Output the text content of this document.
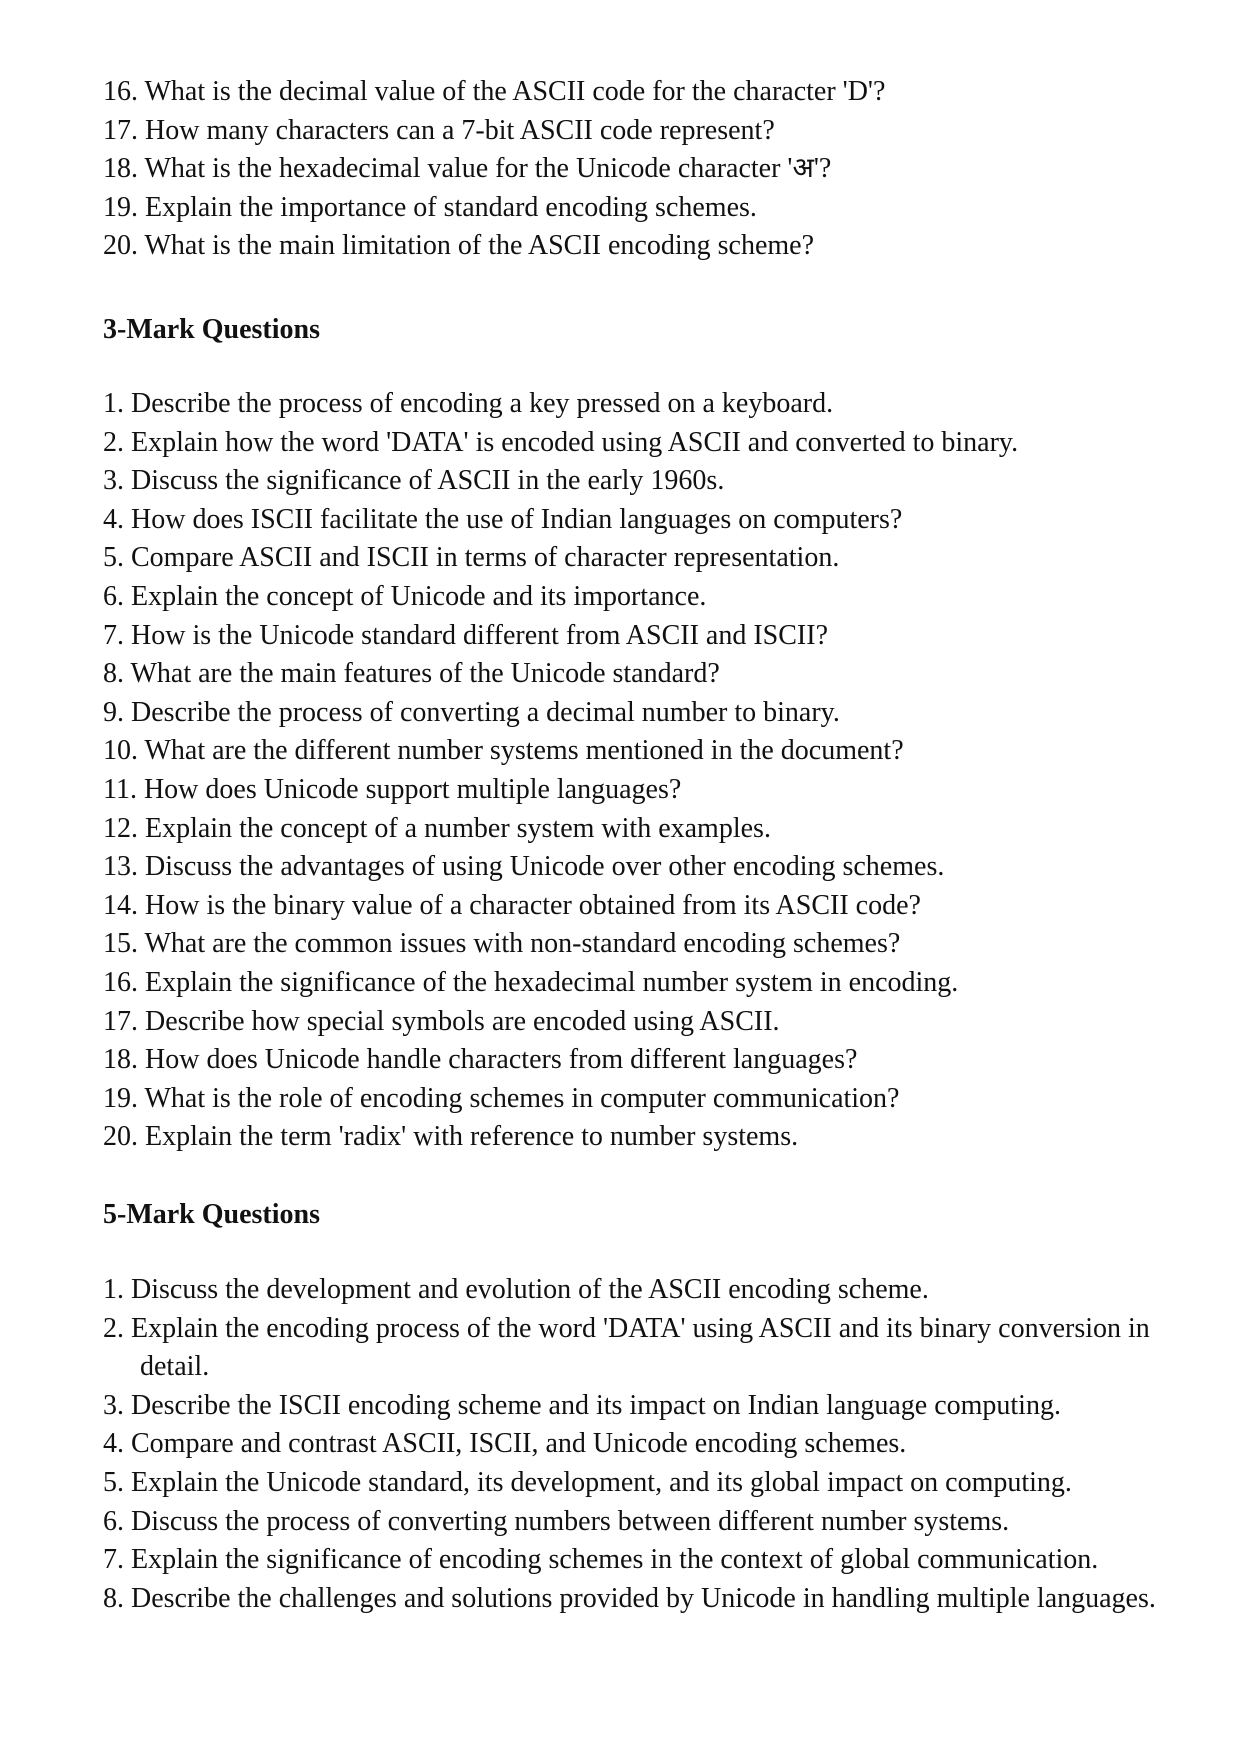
16. What is the decimal value of the ASCII code for the character 'D'?
17. How many characters can a 7-bit ASCII code represent?
18. What is the hexadecimal value for the Unicode character 'अ'?
19. Explain the importance of standard encoding schemes.
20. What is the main limitation of the ASCII encoding scheme?
3-Mark Questions
1. Describe the process of encoding a key pressed on a keyboard.
2. Explain how the word 'DATA' is encoded using ASCII and converted to binary.
3. Discuss the significance of ASCII in the early 1960s.
4. How does ISCII facilitate the use of Indian languages on computers?
5. Compare ASCII and ISCII in terms of character representation.
6. Explain the concept of Unicode and its importance.
7. How is the Unicode standard different from ASCII and ISCII?
8. What are the main features of the Unicode standard?
9. Describe the process of converting a decimal number to binary.
10. What are the different number systems mentioned in the document?
11. How does Unicode support multiple languages?
12. Explain the concept of a number system with examples.
13. Discuss the advantages of using Unicode over other encoding schemes.
14. How is the binary value of a character obtained from its ASCII code?
15. What are the common issues with non-standard encoding schemes?
16. Explain the significance of the hexadecimal number system in encoding.
17. Describe how special symbols are encoded using ASCII.
18. How does Unicode handle characters from different languages?
19. What is the role of encoding schemes in computer communication?
20. Explain the term 'radix' with reference to number systems.
5-Mark Questions
1. Discuss the development and evolution of the ASCII encoding scheme.
2. Explain the encoding process of the word 'DATA' using ASCII and its binary conversion in detail.
3. Describe the ISCII encoding scheme and its impact on Indian language computing.
4. Compare and contrast ASCII, ISCII, and Unicode encoding schemes.
5. Explain the Unicode standard, its development, and its global impact on computing.
6. Discuss the process of converting numbers between different number systems.
7. Explain the significance of encoding schemes in the context of global communication.
8. Describe the challenges and solutions provided by Unicode in handling multiple languages.
